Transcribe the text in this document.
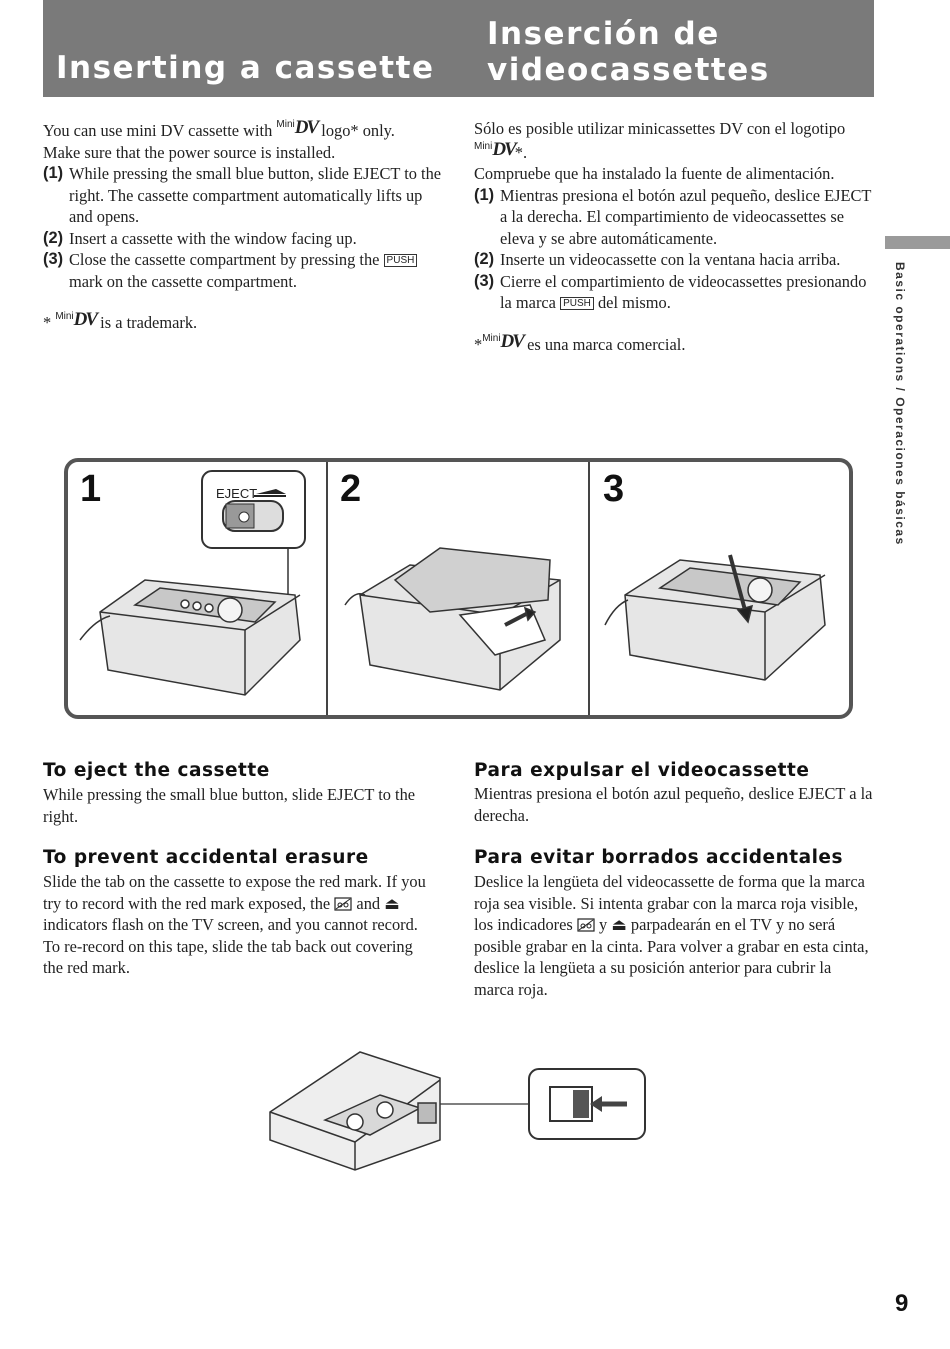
Inserting a cassette
Inserción de
videocassettes

You can use mini DV cassette with $^{Mini}$DV logo* only.

Make sure that the power source is installed.

(1) While pressing the small blue button, slide EJECT to the right. The cassette compartment automatically lifts up and opens.
(2) Insert a cassette with the window facing up.
(3) Close the cassette compartment by pressing the PUSH mark on the cassette compartment.

* $^{Mini}$DV is a trademark.

Sólo es posible utilizar minicassettes DV con el logotipo $^{Mini}$DV*.

Compruebe que ha instalado la fuente de alimentación.

(1) Mientras presiona el botón azul pequeño, deslice EJECT a la derecha. El compartimiento de videocassettes se eleva y se abre automáticamente.
(2) Inserte un videocassette con la ventana hacia arriba.
(3) Cierre el compartimiento de videocassettes presionando la marca PUSH del mismo.

*$^{Mini}$DV es una marca comercial.	Basic operations / Operaciones básicas
1	2	3
EJECT
To eject the cassette
While pressing the small blue button, slide EJECT to the right.
Para expulsar el videocassette
Mientras presiona el botón azul pequeño, deslice EJECT a la derecha.
To prevent accidental erasure
Slide the tab on the cassette to expose the red mark. If you try to record with the red mark exposed, the and ⏏ indicators flash on the TV screen, and you cannot record. To re-record on this tape, slide the tab back out covering the red mark.
Para evitar borrados accidentales
Deslice la lengüeta del videocassette de forma que la marca roja sea visible. Si intenta grabar con la marca roja visible, los indicadores y ⏏ parpadearán en el TV y no será posible grabar en la cinta. Para volver a grabar en esta cinta, deslice la lengüeta a su posición anterior para cubrir la marca roja.
9
